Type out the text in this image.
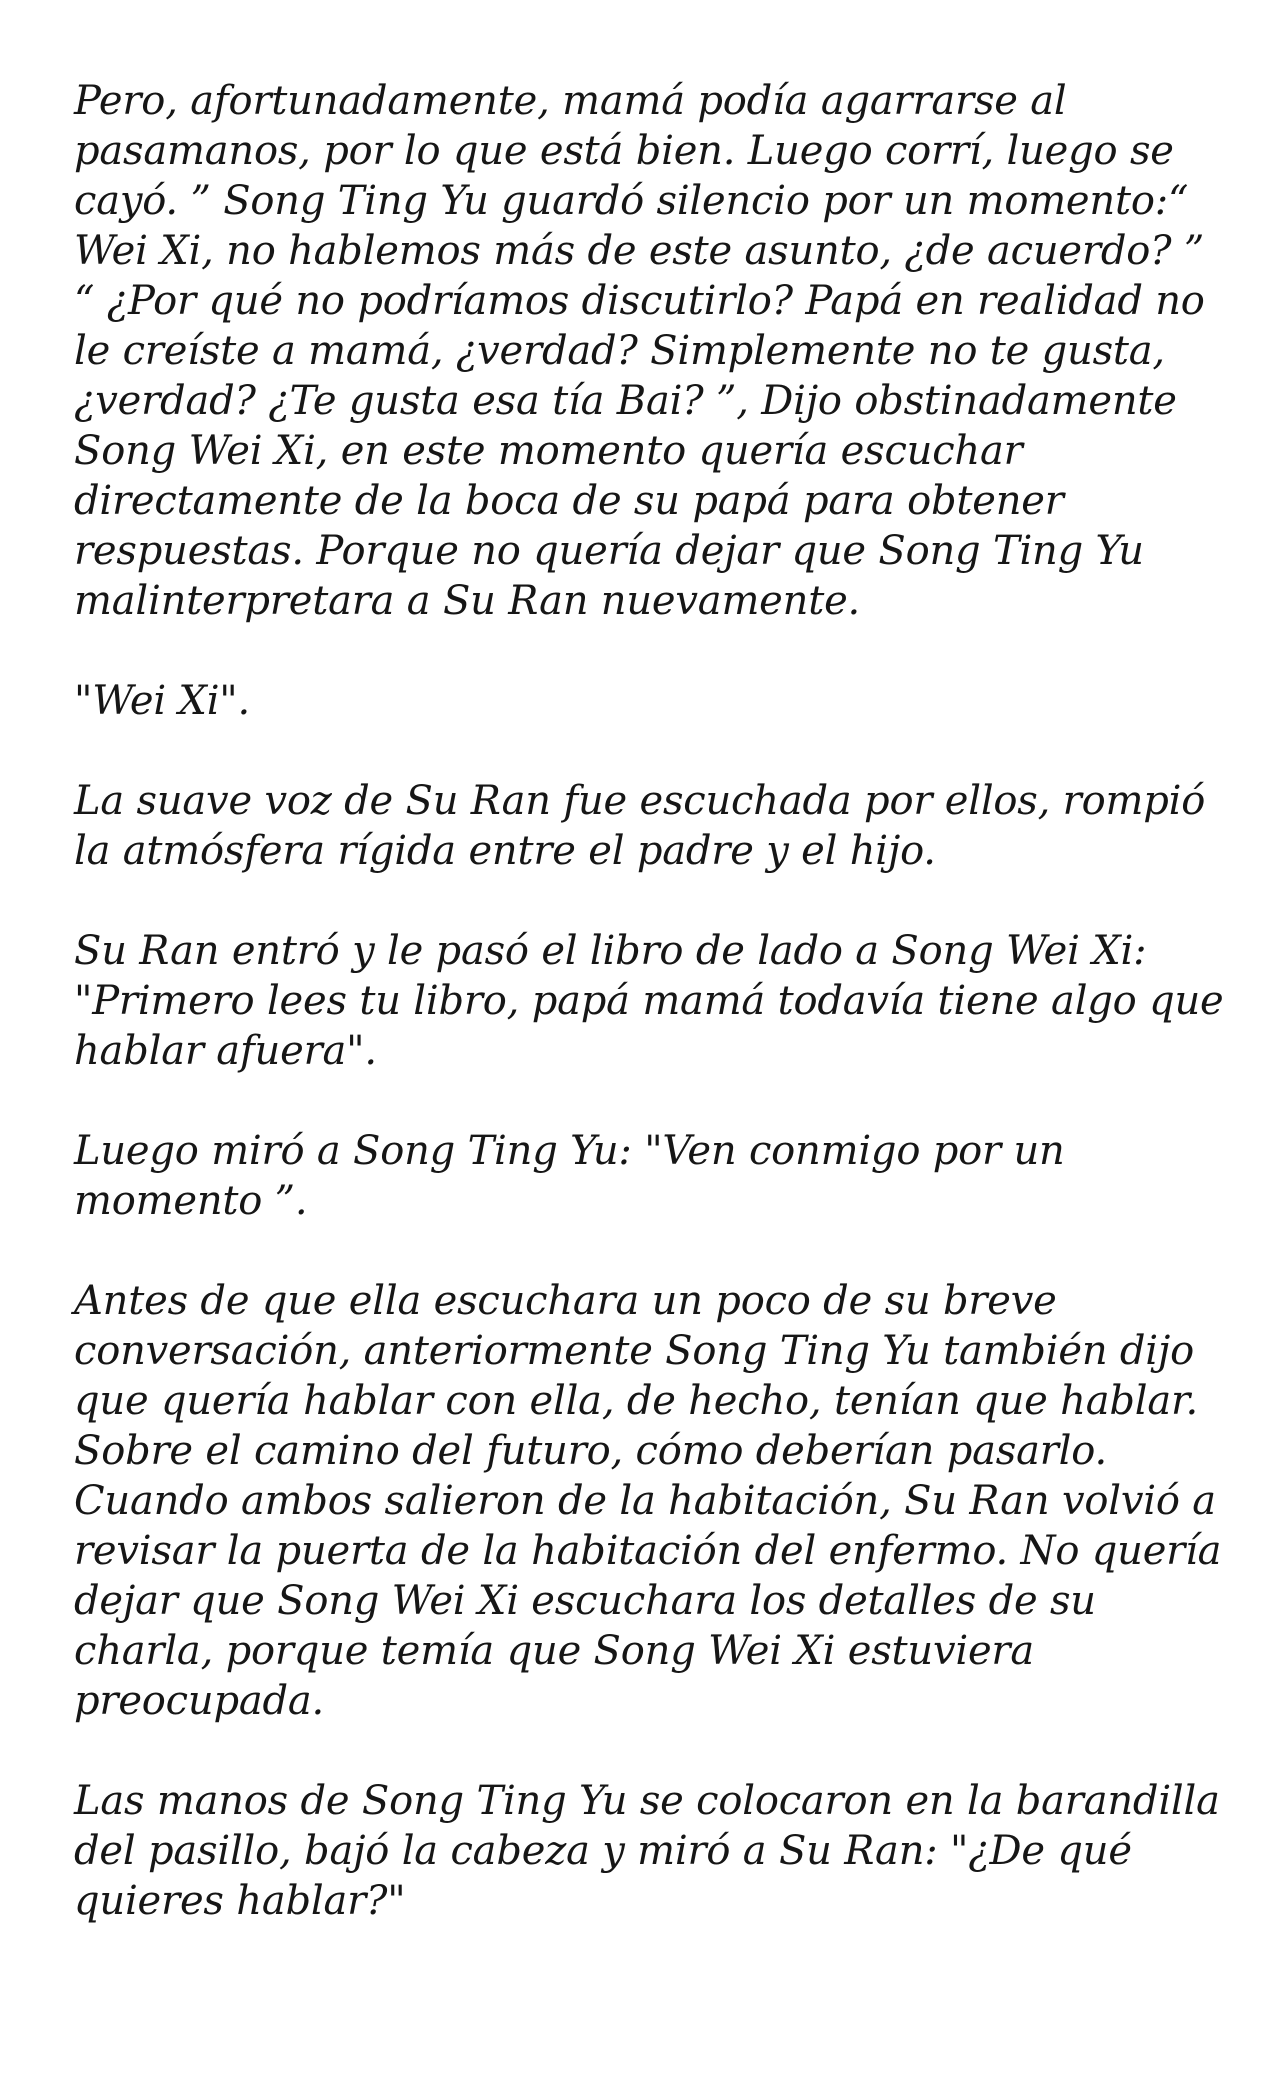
Pero, afortunadamente, mamá podía agarrarse al pasamanos, por lo que está bien. Luego corrí, luego se cayó. ” Song Ting Yu guardó silencio por un momento:“ Wei Xi, no hablemos más de este asunto, ¿de acuerdo? ” “ ¿Por qué no podríamos discutirlo? Papá en realidad no le creíste a mamá, ¿verdad? Simplemente no te gusta, ¿verdad? ¿Te gusta esa tía Bai? ”, Dijo obstinadamente Song Wei Xi, en este momento quería escuchar directamente de la boca de su papá para obtener respuestas. Porque no quería dejar que Song Ting Yu malinterpretara a Su Ran nuevamente.

"Wei Xi".

La suave voz de Su Ran fue escuchada por ellos, rompió la atmósfera rígida entre el padre y el hijo.

Su Ran entró y le pasó el libro de lado a Song Wei Xi: "Primero lees tu libro, papá mamá todavía tiene algo que hablar afuera".

Luego miró a Song Ting Yu: "Ven conmigo por un momento ”.

Antes de que ella escuchara un poco de su breve conversación, anteriormente Song Ting Yu también dijo que quería hablar con ella, de hecho, tenían que hablar. Sobre el camino del futuro, cómo deberían pasarlo. Cuando ambos salieron de la habitación, Su Ran volvió a revisar la puerta de la habitación del enfermo. No quería dejar que Song Wei Xi escuchara los detalles de su charla, porque temía que Song Wei Xi estuviera preocupada.

Las manos de Song Ting Yu se colocaron en la barandilla del pasillo, bajó la cabeza y miró a Su Ran: "¿De qué quieres hablar?"
